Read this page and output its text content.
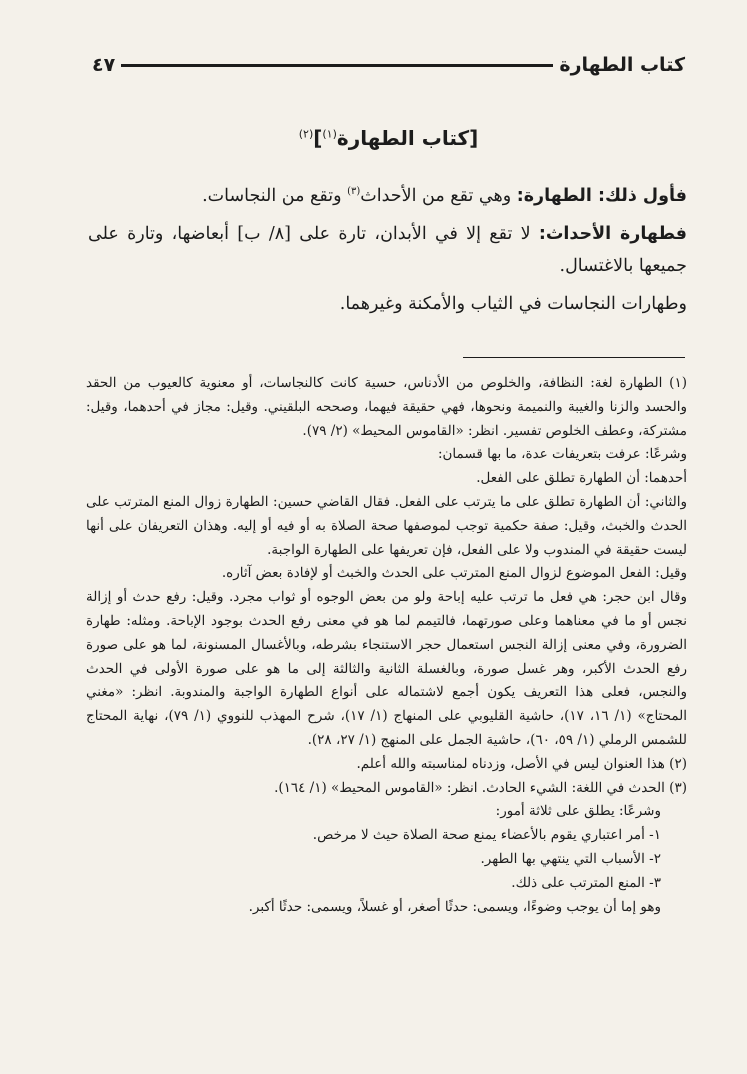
كتاب الطهارة
٤٧
[كتاب الطهارة$^{(١)}$]$^{(٢)}$

فأول ذلك: الطهارة: وهي تقع من الأحداث$^{(٣)}$ وتقع من النجاسات.

فطهارة الأحداث: لا تقع إلا في الأبدان، تارة على [٨/ ب] أبعاضها، وتارة على جميعها بالاغتسال.

وطهارات النجاسات في الثياب والأمكنة وغيرهما.

(١) الطهارة لغة: النظافة، والخلوص من الأدناس، حسية كانت كالنجاسات، أو معنوية كالعيوب من الحقد والحسد والزنا والغيبة والنميمة ونحوها، فهي حقيقة فيهما، وصححه البلقيني. وقيل: مجاز في أحدهما، وقيل: مشتركة، وعطف الخلوص تفسير. انظر: «القاموس المحيط» (٢/ ٧٩).

وشرعًا: عرفت بتعريفات عدة، ما بها قسمان:

أحدهما: أن الطهارة تطلق على الفعل.

والثاني: أن الطهارة تطلق على ما يترتب على الفعل. فقال القاضي حسين: الطهارة زوال المنع المترتب على الحدث والخبث، وقيل: صفة حكمية توجب لموصفها صحة الصلاة به أو فيه أو إليه. وهذان التعريفان على أنها ليست حقيقة في المندوب ولا على الفعل، فإن تعريفها على الطهارة الواجبة.

وقيل: الفعل الموضوع لزوال المنع المترتب على الحدث والخبث أو لإفادة بعض آثاره.

وقال ابن حجر: هي فعل ما ترتب عليه إباحة ولو من بعض الوجوه أو ثواب مجرد. وقيل: رفع حدث أو إزالة نجس أو ما في معناهما وعلى صورتهما، فالتيمم لما هو في معنى رفع الحدث بوجود الإباحة. ومثله: طهارة الضرورة، وفي معنى إزالة النجس استعمال حجر الاستنجاء بشرطه، وبالأغسال المسنونة، لما هو على صورة رفع الحدث الأكبر، وهر غسل صورة، وبالغسلة الثانية والثالثة إلى ما هو على صورة الأولى في الحدث والنجس، فعلى هذا التعريف يكون أجمع لاشتماله على أنواع الطهارة الواجبة والمندوبة. انظر: «مغني المحتاج» (١/ ١٦، ١٧)، حاشية القليوبي على المنهاج (١/ ١٧)، شرح المهذب للنووي (١/ ٧٩)، نهاية المحتاج للشمس الرملي (١/ ٥٩، ٦٠)، حاشية الجمل على المنهج (١/ ٢٧، ٢٨).

(٢) هذا العنوان ليس في الأصل، وزدناه لمناسبته والله أعلم.

(٣) الحدث في اللغة: الشيء الحادث. انظر: «القاموس المحيط» (١/ ١٦٤).

وشرعًا: يطلق على ثلاثة أمور:

١- أمر اعتباري يقوم بالأعضاء يمنع صحة الصلاة حيث لا مرخص.

٢- الأسباب التي ينتهي بها الطهر.

٣- المنع المترتب على ذلك.

وهو إما أن يوجب وضوءًا، ويسمى: حدثًا أصغر، أو غسلاً، ويسمى: حدثًا أكبر.
